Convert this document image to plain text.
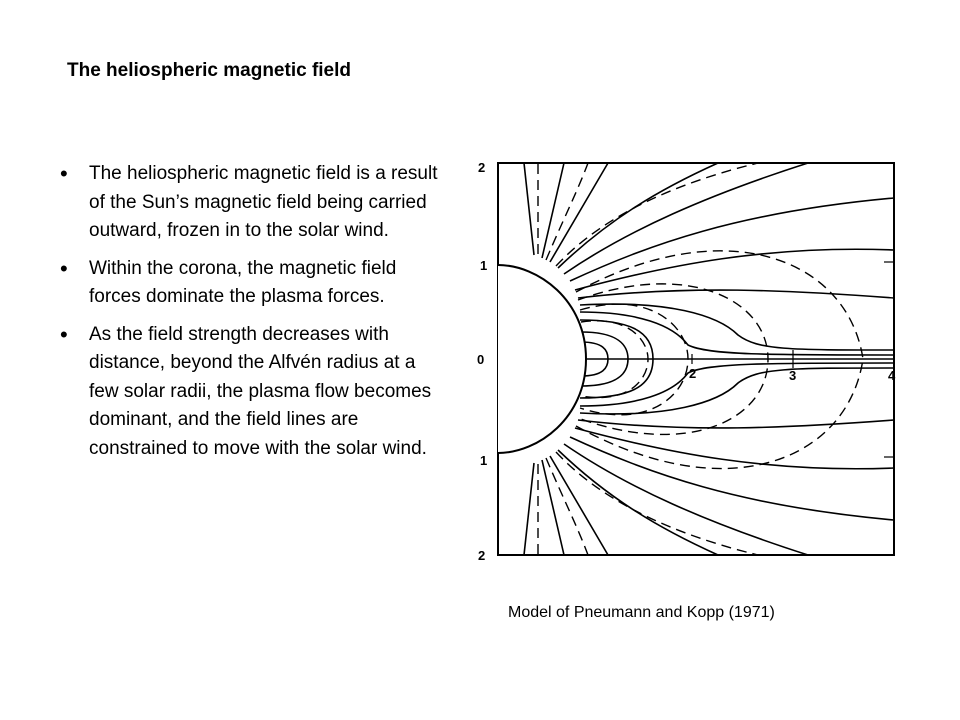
The heliospheric magnetic field
• The heliospheric magnetic field is a result of the Sun’s magnetic field being carried outward, frozen in to the solar wind.
• Within the corona, the magnetic field forces dominate the plasma forces.
• As the field strength decreases with distance, beyond the Alfvén radius at a few solar radii, the plasma flow becomes dominant, and the field lines are constrained to move with the solar wind.
2
1
0
1
2
2	3	4
Model of Pneumann and Kopp (1971)
